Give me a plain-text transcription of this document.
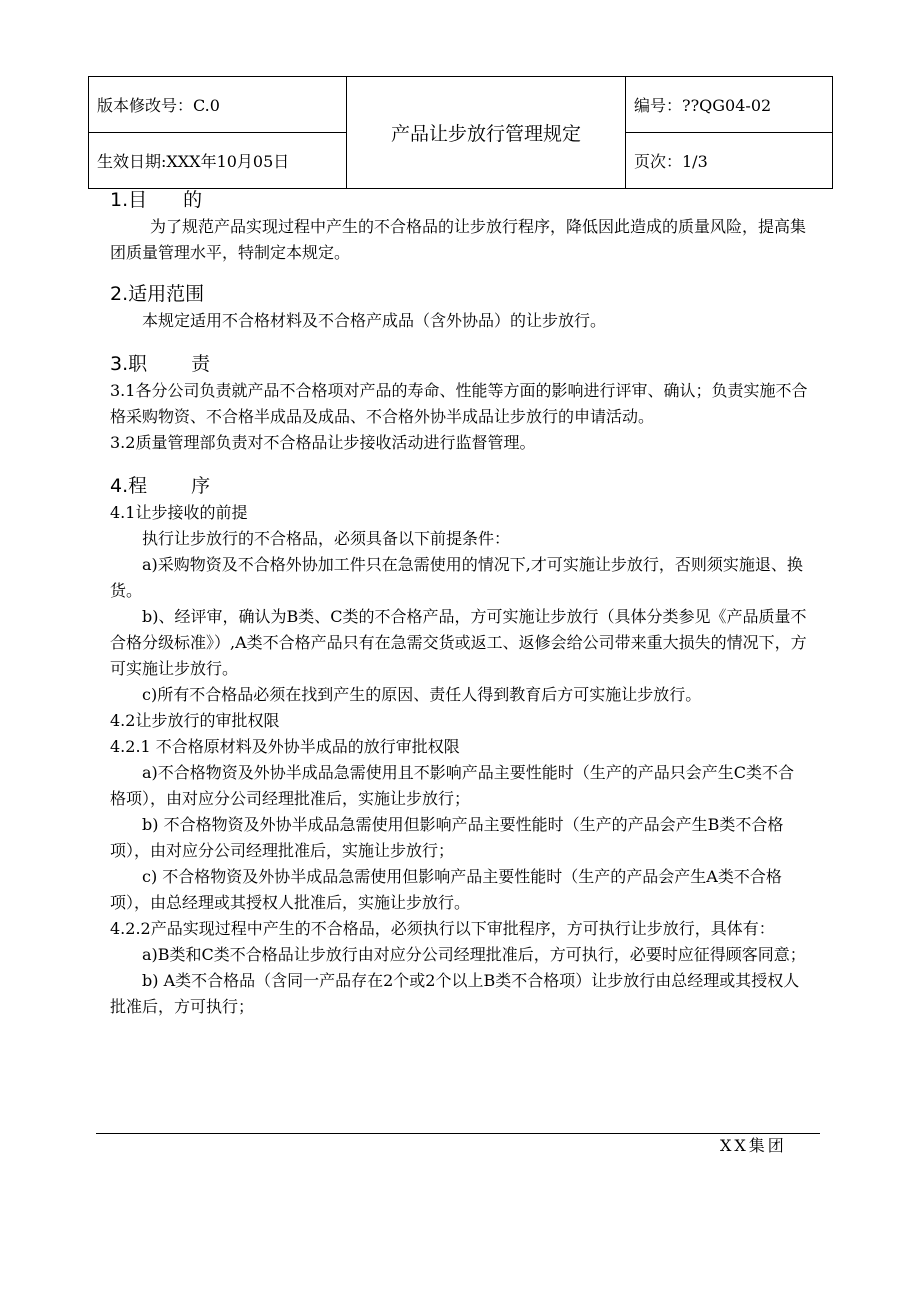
版本修改号：C.0	产品让步放行管理规定	编号：??QG04-02
生效日期:XXX年10月05日		页次：1/3

1.目 的

为了规范产品实现过程中产生的不合格品的让步放行程序，降低因此造成的质量风险，提高集团质量管理水平，特制定本规定。

2.适用范围

本规定适用不合格材料及不合格产成品（含外协品）的让步放行。

3.职 责

3.1各分公司负责就产品不合格项对产品的寿命、性能等方面的影响进行评审、确认；负责实施不合格采购物资、不合格半成品及成品、不合格外协半成品让步放行的申请活动。

3.2质量管理部负责对不合格品让步接收活动进行监督管理。

4.程 序

4.1让步接收的前提

执行让步放行的不合格品，必须具备以下前提条件：

a)采购物资及不合格外协加工件只在急需使用的情况下,才可实施让步放行，否则须实施退、换货。

b)、经评审，确认为B类、C类的不合格产品，方可实施让步放行（具体分类参见《产品质量不合格分级标准》）,A类不合格产品只有在急需交货或返工、返修会给公司带来重大损失的情况下，方可实施让步放行。

c)所有不合格品必须在找到产生的原因、责任人得到教育后方可实施让步放行。

4.2让步放行的审批权限

4.2.1 不合格原材料及外协半成品的放行审批权限

a)不合格物资及外协半成品急需使用且不影响产品主要性能时（生产的产品只会产生C类不合格项），由对应分公司经理批准后，实施让步放行；

b) 不合格物资及外协半成品急需使用但影响产品主要性能时（生产的产品会产生B类不合格项），由对应分公司经理批准后，实施让步放行；

c) 不合格物资及外协半成品急需使用但影响产品主要性能时（生产的产品会产生A类不合格项），由总经理或其授权人批准后，实施让步放行。

4.2.2产品实现过程中产生的不合格品，必须执行以下审批程序，方可执行让步放行，具体有：

a)B类和C类不合格品让步放行由对应分公司经理批准后，方可执行，必要时应征得顾客同意；

b) A类不合格品（含同一产品存在2个或2个以上B类不合格项）让步放行由总经理或其授权人批准后，方可执行；

XX集团
